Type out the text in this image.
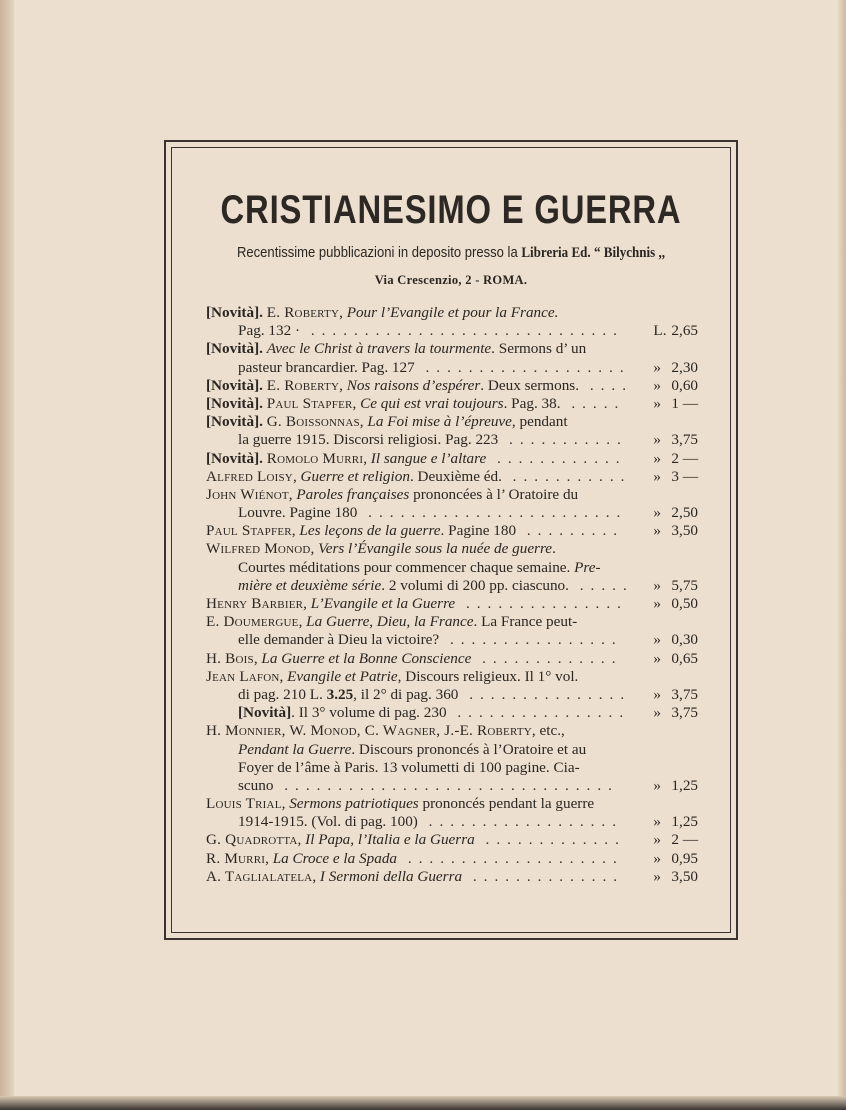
CRISTIANESIMO E GUERRA
Recentissime pubblicazioni in deposito presso la Libreria Ed. “ Bilychnis ,,
Via Crescenzio, 2 - ROMA.
[Novità]. E. Roberty, Pour l’Evangile et pour la France.
Pag. 132 · .............................	L. 2,65
[Novità]. Avec le Christ à travers la tourmente. Sermons d’ un
pasteur brancardier. Pag. 127 ...................	» 2,30
[Novità]. E. Roberty, Nos raisons d’espérer. Deux sermons. ....	» 0,60
[Novità]. Paul Stapfer, Ce qui est vrai toujours. Pag. 38. .....	» 1 —
[Novità]. G. Boissonnas, La Foi mise à l’épreuve, pendant
la guerre 1915. Discorsi religiosi. Pag. 223 ...........	» 3,75
[Novità]. Romolo Murri, Il sangue e l’altare ............	» 2 —
Alfred Loisy, Guerre et religion. Deuxième éd. ...........	» 3 —
John Wiénot, Paroles françaises prononcées à l’ Oratoire du
Louvre. Pagine 180 ........................	» 2,50
Paul Stapfer, Les leçons de la guerre. Pagine 180 .........	» 3,50
Wilfred Monod, Vers l’Évangile sous la nuée de guerre.
Courtes méditations pour commencer chaque semaine. Pre-
mière et deuxième série. 2 volumi di 200 pp. ciascuno. .....	» 5,75
Henry Barbier, L’Evangile et la Guerre ...............	» 0,50
E. Doumergue, La Guerre, Dieu, la France. La France peut-
elle demander à Dieu la victoire? ................	» 0,30
H. Bois, La Guerre et la Bonne Conscience .............	» 0,65
Jean Lafon, Evangile et Patrie, Discours religieux. Il 1° vol.
di pag. 210 L. 3.25, il 2° di pag. 360 ...............	» 3,75
[Novità]. Il 3° volume di pag. 230 ................	» 3,75
H. Monnier, W. Monod, C. Wagner, J.-E. Roberty, etc.,
Pendant la Guerre. Discours prononcés à l’Oratoire et au
Foyer de l’âme à Paris. 13 volumetti di 100 pagine. Cia-
scuno ...............................	» 1,25
Louis Trial, Sermons patriotiques prononcés pendant la guerre
1914-1915. (Vol. di pag. 100) ..................	» 1,25
G. Quadrotta, Il Papa, l’Italia e la Guerra .............	» 2 —
R. Murri, La Croce e la Spada ....................	» 0,95
A. Taglialatela, I Sermoni della Guerra ..............	» 3,50
